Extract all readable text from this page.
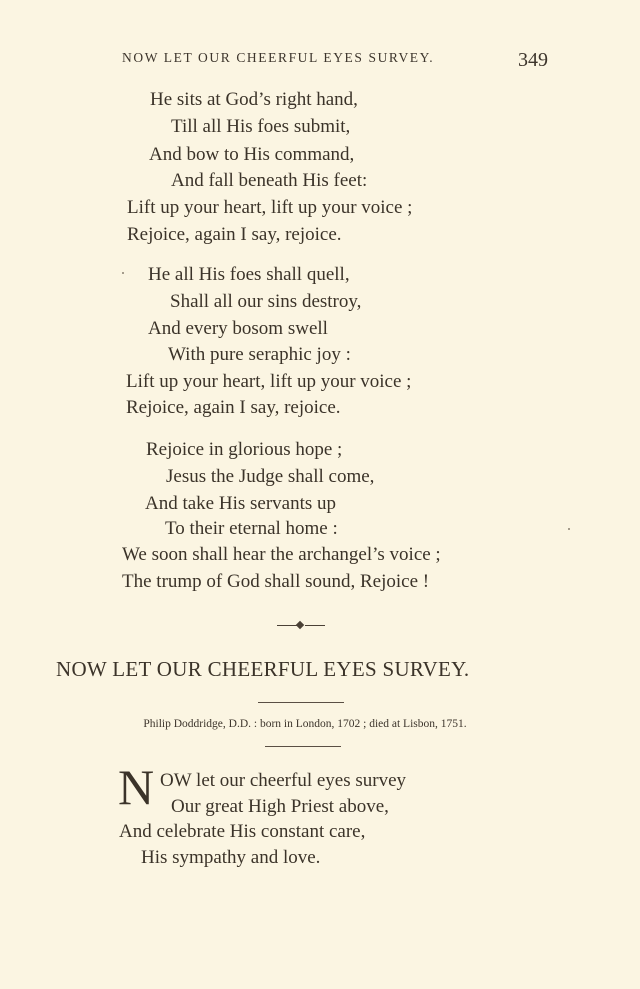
NOW LET OUR CHEERFUL EYES SURVEY.	349
He sits at God’s right hand,
Till all His foes submit,
And bow to His command,
And fall beneath His feet:
Lift up your heart, lift up your voice ;
Rejoice, again I say, rejoice.
He all His foes shall quell,
Shall all our sins destroy,
And every bosom swell
With pure seraphic joy :
Lift up your heart, lift up your voice ;
Rejoice, again I say, rejoice.
Rejoice in glorious hope ;
Jesus the Judge shall come,
And take His servants up
To their eternal home :
We soon shall hear the archangel’s voice ;
The trump of God shall sound, Rejoice !
NOW LET OUR CHEERFUL EYES SURVEY.
Philip Doddridge, D.D. : born in London, 1702 ; died at Lisbon, 1751.
N OW let our cheerful eyes survey
Our great High Priest above,
And celebrate His constant care,
His sympathy and love.
